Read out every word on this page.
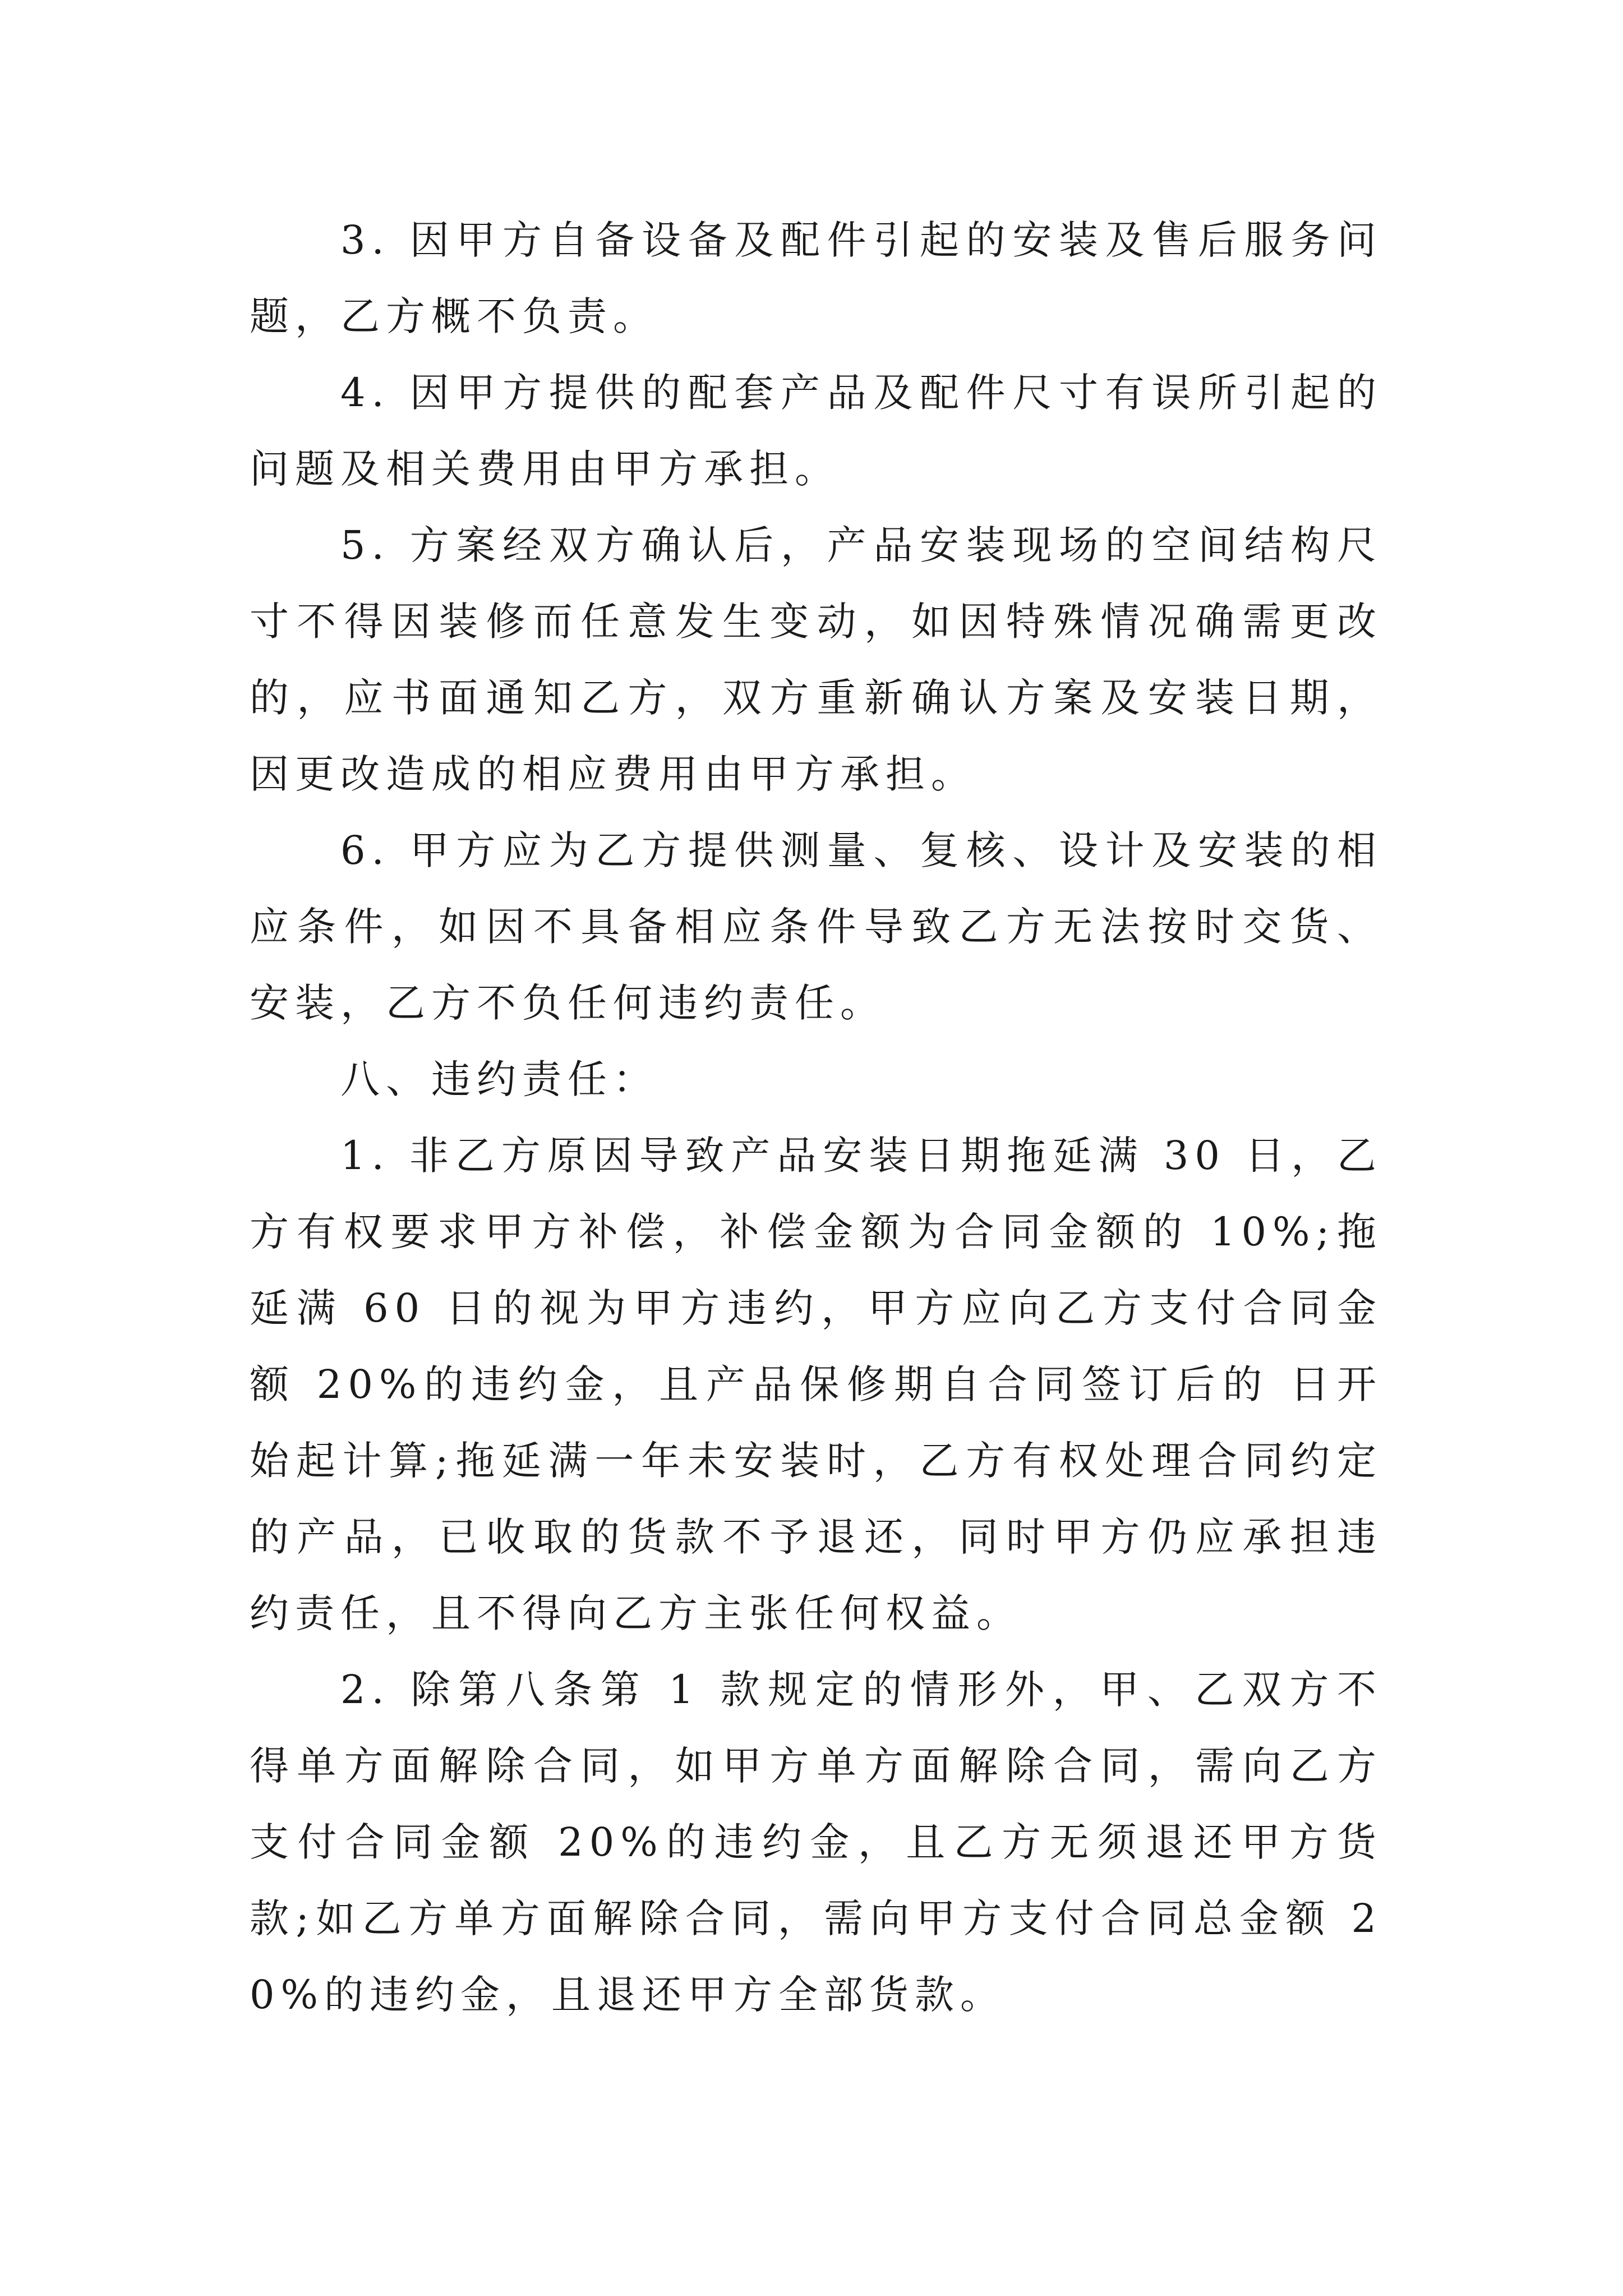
3. 因甲方自备设备及配件引起的安装及售后服务问题，乙方概不负责。

4. 因甲方提供的配套产品及配件尺寸有误所引起的问题及相关费用由甲方承担。

5. 方案经双方确认后，产品安装现场的空间结构尺寸不得因装修而任意发生变动，如因特殊情况确需更改的，应书面通知乙方，双方重新确认方案及安装日期，因更改造成的相应费用由甲方承担。

6. 甲方应为乙方提供测量、复核、设计及安装的相应条件，如因不具备相应条件导致乙方无法按时交货、安装，乙方不负任何违约责任。

八、违约责任：

1. 非乙方原因导致产品安装日期拖延满 30 日，乙方有权要求甲方补偿，补偿金额为合同金额的 10%;拖延满 60 日的视为甲方违约，甲方应向乙方支付合同金额 20%的违约金，且产品保修期自合同签订后的 日开始起计算;拖延满一年未安装时，乙方有权处理合同约定的产品，已收取的货款不予退还，同时甲方仍应承担违约责任，且不得向乙方主张任何权益。

2. 除第八条第 1 款规定的情形外，甲、乙双方不得单方面解除合同，如甲方单方面解除合同，需向乙方支付合同金额 20%的违约金，且乙方无须退还甲方货款;如乙方单方面解除合同，需向甲方支付合同总金额 20%的违约金，且退还甲方全部货款。
